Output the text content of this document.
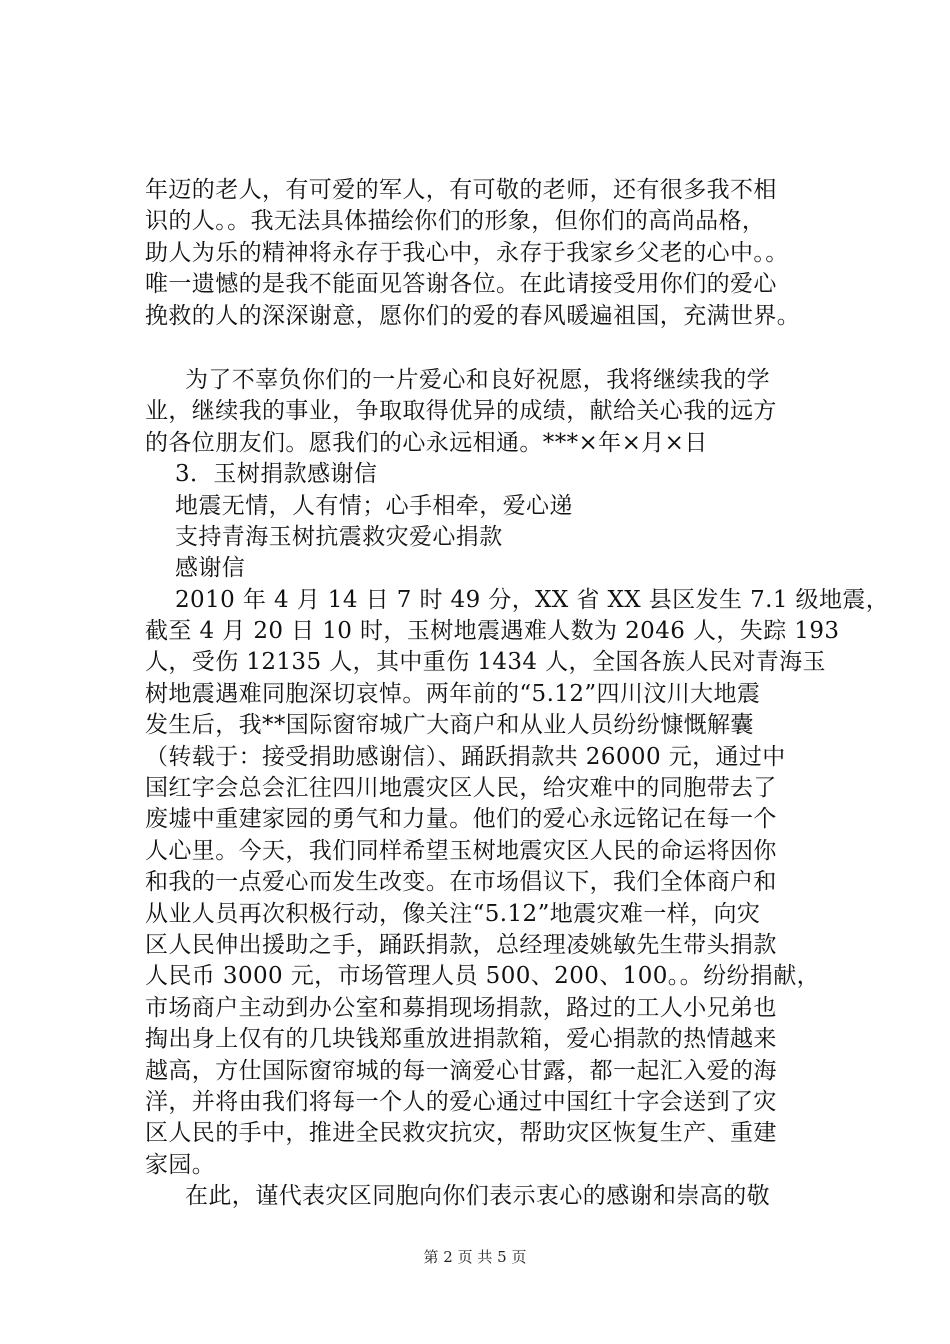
年迈的老人，有可爱的军人，有可敬的老师，还有很多我不相
识的人。。我无法具体描绘你们的形象，但你们的高尚品格，
助人为乐的精神将永存于我心中，永存于我家乡父老的心中。。
唯一遗憾的是我不能面见答谢各位。在此请接受用你们的爱心
挽救的人的深深谢意，愿你们的爱的春风暖遍祖国，充满世界。
为了不辜负你们的一片爱心和良好祝愿，我将继续我的学
业，继续我的事业，争取取得优异的成绩，献给关心我的远方
的各位朋友们。愿我们的心永远相通。***×年×月×日
3．玉树捐款感谢信
地震无情，人有情；心手相牵，爱心递
支持青海玉树抗震救灾爱心捐款
感谢信
2010 年 4 月 14 日 7 时 49 分，XX 省 XX 县区发生 7.1 级地震，
截至 4 月 20 日 10 时，玉树地震遇难人数为 2046 人，失踪 193
人，受伤 12135 人，其中重伤 1434 人，全国各族人民对青海玉
树地震遇难同胞深切哀悼。两年前的“5.12”四川汶川大地震
发生后，我**国际窗帘城广大商户和从业人员纷纷慷慨解囊
（转载于：接受捐助感谢信）、踊跃捐款共 26000 元，通过中
国红字会总会汇往四川地震灾区人民，给灾难中的同胞带去了
废墟中重建家园的勇气和力量。他们的爱心永远铭记在每一个
人心里。今天，我们同样希望玉树地震灾区人民的命运将因你
和我的一点爱心而发生改变。在市场倡议下，我们全体商户和
从业人员再次积极行动，像关注“5.12”地震灾难一样，向灾
区人民伸出援助之手，踊跃捐款，总经理凌姚敏先生带头捐款
人民币 3000 元，市场管理人员 500、200、100。。纷纷捐献，
市场商户主动到办公室和募捐现场捐款，路过的工人小兄弟也
掏出身上仅有的几块钱郑重放进捐款箱，爱心捐款的热情越来
越高，方仕国际窗帘城的每一滴爱心甘露，都一起汇入爱的海
洋，并将由我们将每一个人的爱心通过中国红十字会送到了灾
区人民的手中，推进全民救灾抗灾，帮助灾区恢复生产、重建
家园。
在此，谨代表灾区同胞向你们表示衷心的感谢和崇高的敬
第 2 页 共 5 页
